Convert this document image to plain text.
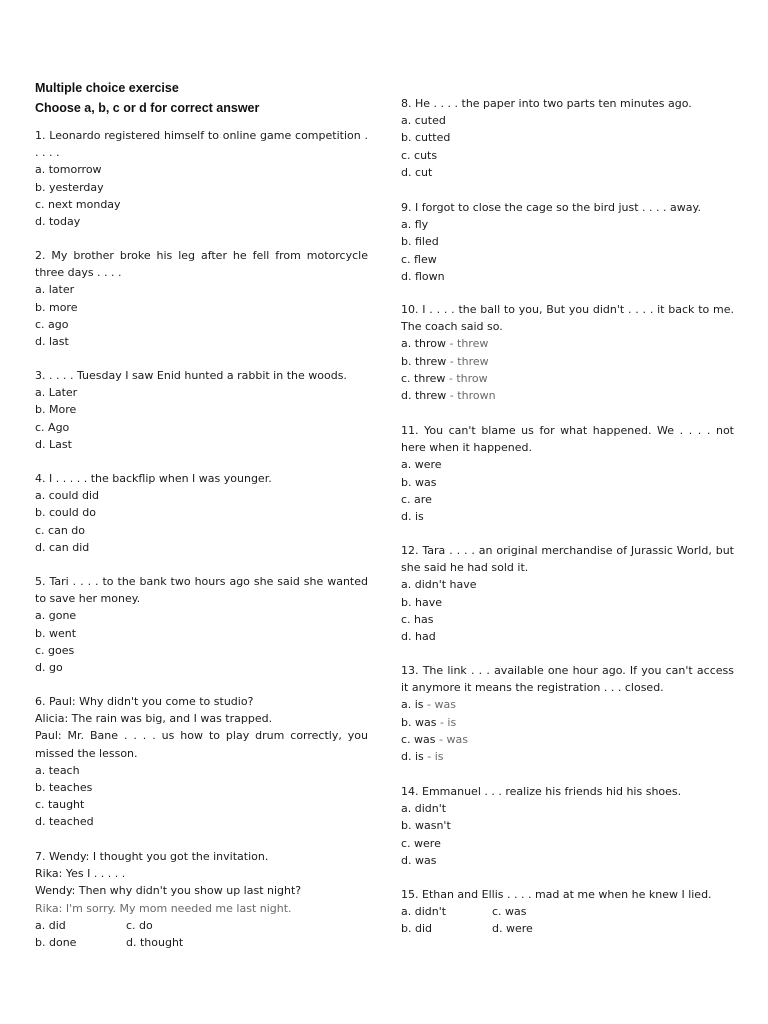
Multiple choice exercise
Choose a, b, c or d for correct answer
1. Leonardo registered himself to online game competition . . . . .
a. tomorrow
b. yesterday
c. next monday
d. today
2. My brother broke his leg after he fell from motorcycle three days . . . .
a. later
b. more
c. ago
d. last
3. . . . . Tuesday I saw Enid hunted a rabbit in the woods.
a. Later
b. More
c. Ago
d. Last
4. I . . . . . the backflip when I was younger.
a. could did
b. could do
c. can do
d. can did
5. Tari . . . . to the bank two hours ago she said she wanted to save her money.
a. gone
b. went
c. goes
d. go
6. Paul: Why didn't you come to studio?
Alicia: The rain was big, and I was trapped.
Paul: Mr. Bane . . . . us how to play drum correctly, you missed the lesson.
a. teach
b. teaches
c. taught
d. teached
7. Wendy: I thought you got the invitation.
Rika: Yes I . . . . .
Wendy: Then why didn't you show up last night?
Rika: I'm sorry. My mom needed me last night.
a. did	c. do
b. done	d. thought
8. He . . . . the paper into two parts ten minutes ago.
a. cuted
b. cutted
c. cuts
d. cut
9. I forgot to close the cage so the bird just . . . . away.
a. fly
b. filed
c. flew
d. flown
10. I . . . . the ball to you, But you didn't . . . . it back to me. The coach said so.
a. throw - threw
b. threw - threw
c. threw - throw
d. threw - thrown
11. You can't blame us for what happened. We . . . . not here when it happened.
a. were
b. was
c. are
d. is
12. Tara . . . . an original merchandise of Jurassic World, but she said he had sold it.
a. didn't have
b. have
c. has
d. had
13. The link . . . available one hour ago. If you can't access it anymore it means the registration . . . closed.
a. is - was
b. was - is
c. was - was
d. is - is
14. Emmanuel . . . realize his friends hid his shoes.
a. didn't
b. wasn't
c. were
d. was
15. Ethan and Ellis . . . . mad at me when he knew I lied.
a. didn't	c. was
b. did	d. were
